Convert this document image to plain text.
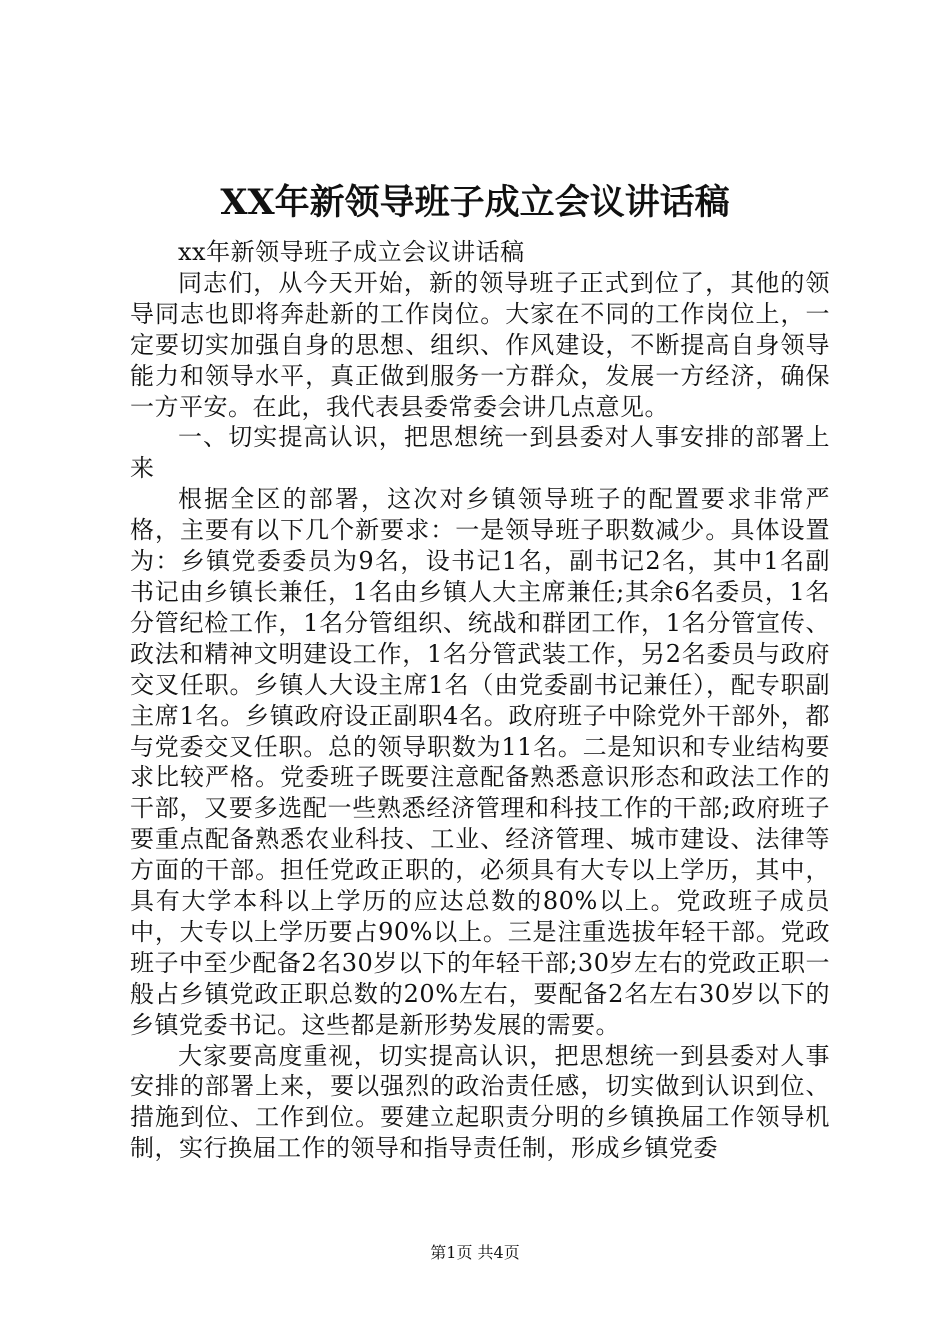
XX年新领导班子成立会议讲话稿

xx年新领导班子成立会议讲话稿

同志们，从今天开始，新的领导班子正式到位了，其他的领导同志也即将奔赴新的工作岗位。大家在不同的工作岗位上，一定要切实加强自身的思想、组织、作风建设，不断提高自身领导能力和领导水平，真正做到服务一方群众，发展一方经济，确保一方平安。在此，我代表县委常委会讲几点意见。

一、切实提高认识，把思想统一到县委对人事安排的部署上来

根据全区的部署，这次对乡镇领导班子的配置要求非常严格，主要有以下几个新要求：一是领导班子职数减少。具体设置为：乡镇党委委员为9名，设书记1名，副书记2名，其中1名副书记由乡镇长兼任，1名由乡镇人大主席兼任;其余6名委员，1名分管纪检工作，1名分管组织、统战和群团工作，1名分管宣传、政法和精神文明建设工作，1名分管武装工作，另2名委员与政府交叉任职。乡镇人大设主席1名（由党委副书记兼任），配专职副主席1名。乡镇政府设正副职4名。政府班子中除党外干部外，都与党委交叉任职。总的领导职数为11名。二是知识和专业结构要求比较严格。党委班子既要注意配备熟悉意识形态和政法工作的干部，又要多选配一些熟悉经济管理和科技工作的干部;政府班子要重点配备熟悉农业科技、工业、经济管理、城市建设、法律等方面的干部。担任党政正职的，必须具有大专以上学历，其中，具有大学本科以上学历的应达总数的80%以上。党政班子成员中，大专以上学历要占90%以上。三是注重选拔年轻干部。党政班子中至少配备2名30岁以下的年轻干部;30岁左右的党政正职一般占乡镇党政正职总数的20%左右，要配备2名左右30岁以下的乡镇党委书记。这些都是新形势发展的需要。

大家要高度重视，切实提高认识，把思想统一到县委对人事安排的部署上来，要以强烈的政治责任感，切实做到认识到位、措施到位、工作到位。要建立起职责分明的乡镇换届工作领导机制，实行换届工作的领导和指导责任制，形成乡镇党委

第1页 共4页
